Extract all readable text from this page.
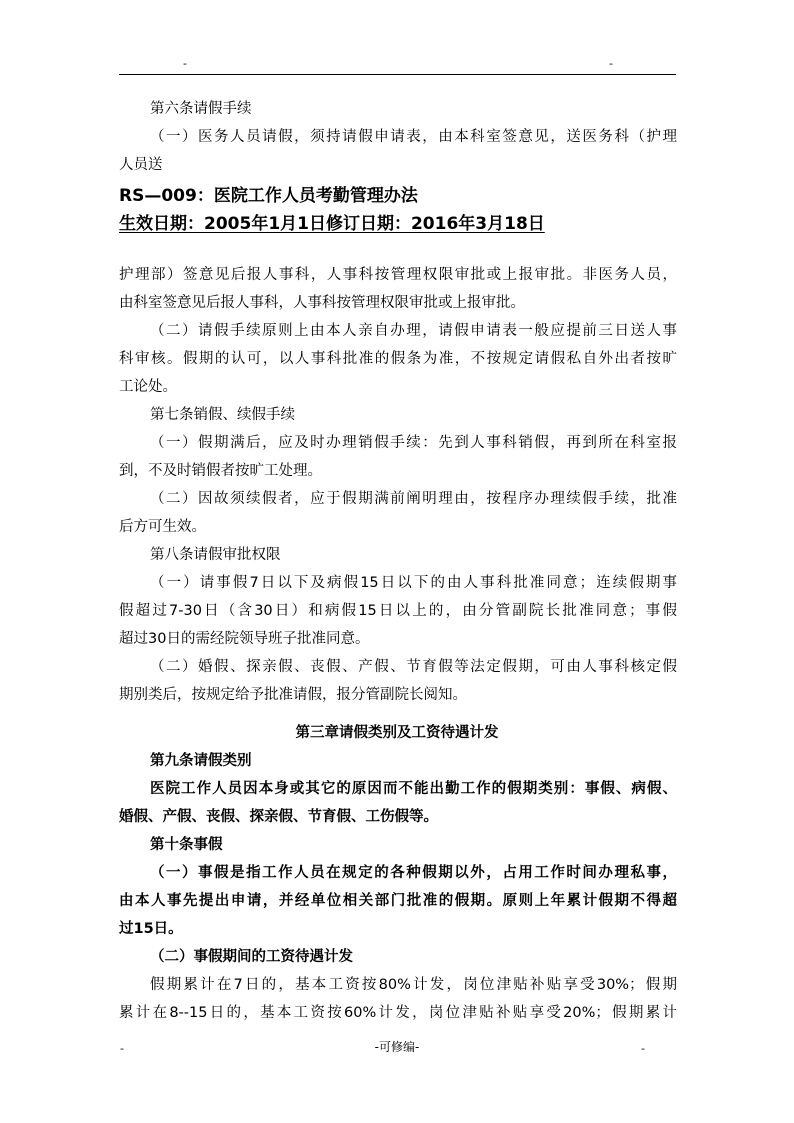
-	-
第六条请假手续
（一）医务人员请假，须持请假申请表，由本科室签意见，送医务科（护理
人员送
RS—009：医院工作人员考勤管理办法
生效日期：2005年1月1日修订日期：2016年3月18日
护理部）签意见后报人事科，人事科按管理权限审批或上报审批。非医务人员，
由科室签意见后报人事科，人事科按管理权限审批或上报审批。
（二）请假手续原则上由本人亲自办理，请假申请表一般应提前三日送人事
科审核。假期的认可，以人事科批准的假条为准，不按规定请假私自外出者按旷
工论处。
第七条销假、续假手续
（一）假期满后，应及时办理销假手续：先到人事科销假，再到所在科室报
到，不及时销假者按旷工处理。
（二）因故须续假者，应于假期满前阐明理由，按程序办理续假手续，批准
后方可生效。
第八条请假审批权限
（一）请事假7日以下及病假15日以下的由人事科批准同意；连续假期事
假超过7-30日（含30日）和病假15日以上的，由分管副院长批准同意；事假
超过30日的需经院领导班子批准同意。
（二）婚假、探亲假、丧假、产假、节育假等法定假期，可由人事科核定假
期别类后，按规定给予批准请假，报分管副院长阅知。
第三章请假类别及工资待遇计发
第九条请假类别
医院工作人员因本身或其它的原因而不能出勤工作的假期类别：事假、病假、
婚假、产假、丧假、探亲假、节育假、工伤假等。
第十条事假
（一）事假是指工作人员在规定的各种假期以外，占用工作时间办理私事，
由本人事先提出申请，并经单位相关部门批准的假期。原则上年累计假期不得超
过15日。
（二）事假期间的工资待遇计发
假期累计在7日的，基本工资按80%计发，岗位津贴补贴享受30%；假期
累计在8--15日的，基本工资按60%计发，岗位津贴补贴享受20%；假期累计
-	-可修编-	-
